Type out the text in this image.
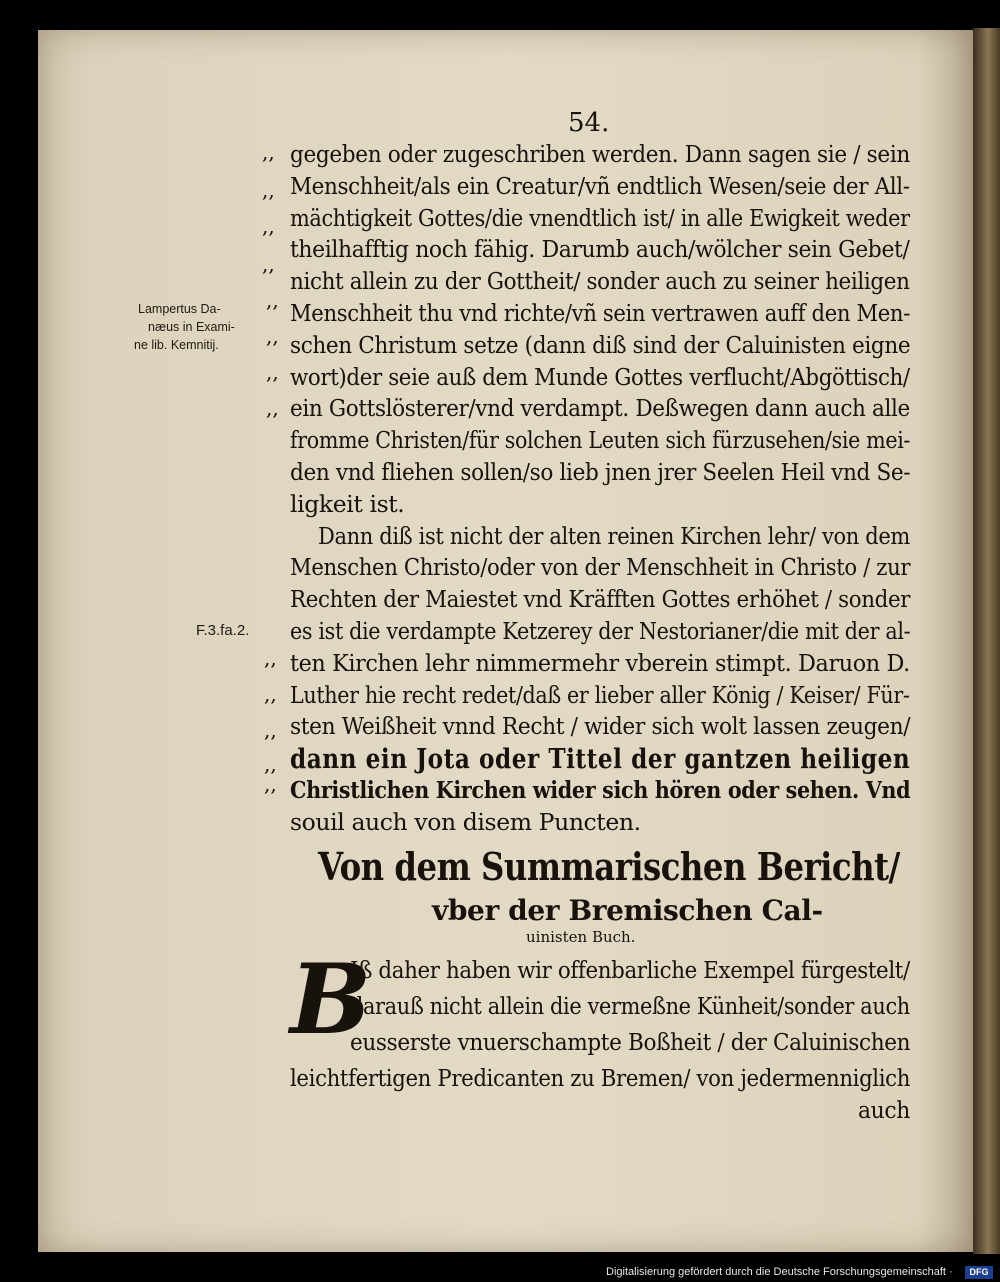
54.
Lampertus Da-
næus in Exami-
ne lib. Kemnitij.
F.3.fa.2.
,,
,,
,,
,,
,,
,,
,,
,,
,,
,,
,,
,,
,,
gegeben oder zugeschriben werden. Dann sagen sie / sein
Menschheit/als ein Creatur/vñ endtlich Wesen/seie der All-
mächtigkeit Gottes/die vnendtlich ist/ in alle Ewigkeit weder
theilhafftig noch fähig. Darumb auch/wölcher sein Gebet/
nicht allein zu der Gottheit/ sonder auch zu seiner heiligen
Menschheit thu vnd richte/vñ sein vertrawen auff den Men-
schen Christum setze (dann diß sind der Caluinisten eigne
wort)der seie auß dem Munde Gottes verflucht/Abgöttisch/
ein Gottslösterer/vnd verdampt. Deßwegen dann auch alle
fromme Christen/für solchen Leuten sich fürzusehen/sie mei-
den vnd fliehen sollen/so lieb jnen jrer Seelen Heil vnd Se-
ligkeit ist.
Dann diß ist nicht der alten reinen Kirchen lehr/ von dem
Menschen Christo/oder von der Menschheit in Christo / zur
Rechten der Maiestet vnd Kräfften Gottes erhöhet / sonder
es ist die verdampte Ketzerey der Nestorianer/die mit der al-
ten Kirchen lehr nimmermehr vberein stimpt. Daruon D.
Luther hie recht redet/daß er lieber aller König / Keiser/ Für-
sten Weißheit vnnd Recht / wider sich wolt lassen zeugen/
Von dem Summarischen Bericht/
vber der Bremischen Cal-
uinisten Buch.
B
Iß daher haben wir offenbarliche Exempel fürgestelt/
darauß nicht allein die vermeßne Künheit/sonder auch
eusserste vnuerschampte Boßheit / der Caluinischen
leichtfertigen Predicanten zu Bremen/ von jedermenniglich
auch
Digitalisierung gefördert durch die Deutsche Forschungsgemeinschaft ·	DFG
dann ein Jota oder Tittel der gantzen heiligen
Christlichen Kirchen wider sich hören oder sehen. Vnd
souil auch von disem Puncten.
